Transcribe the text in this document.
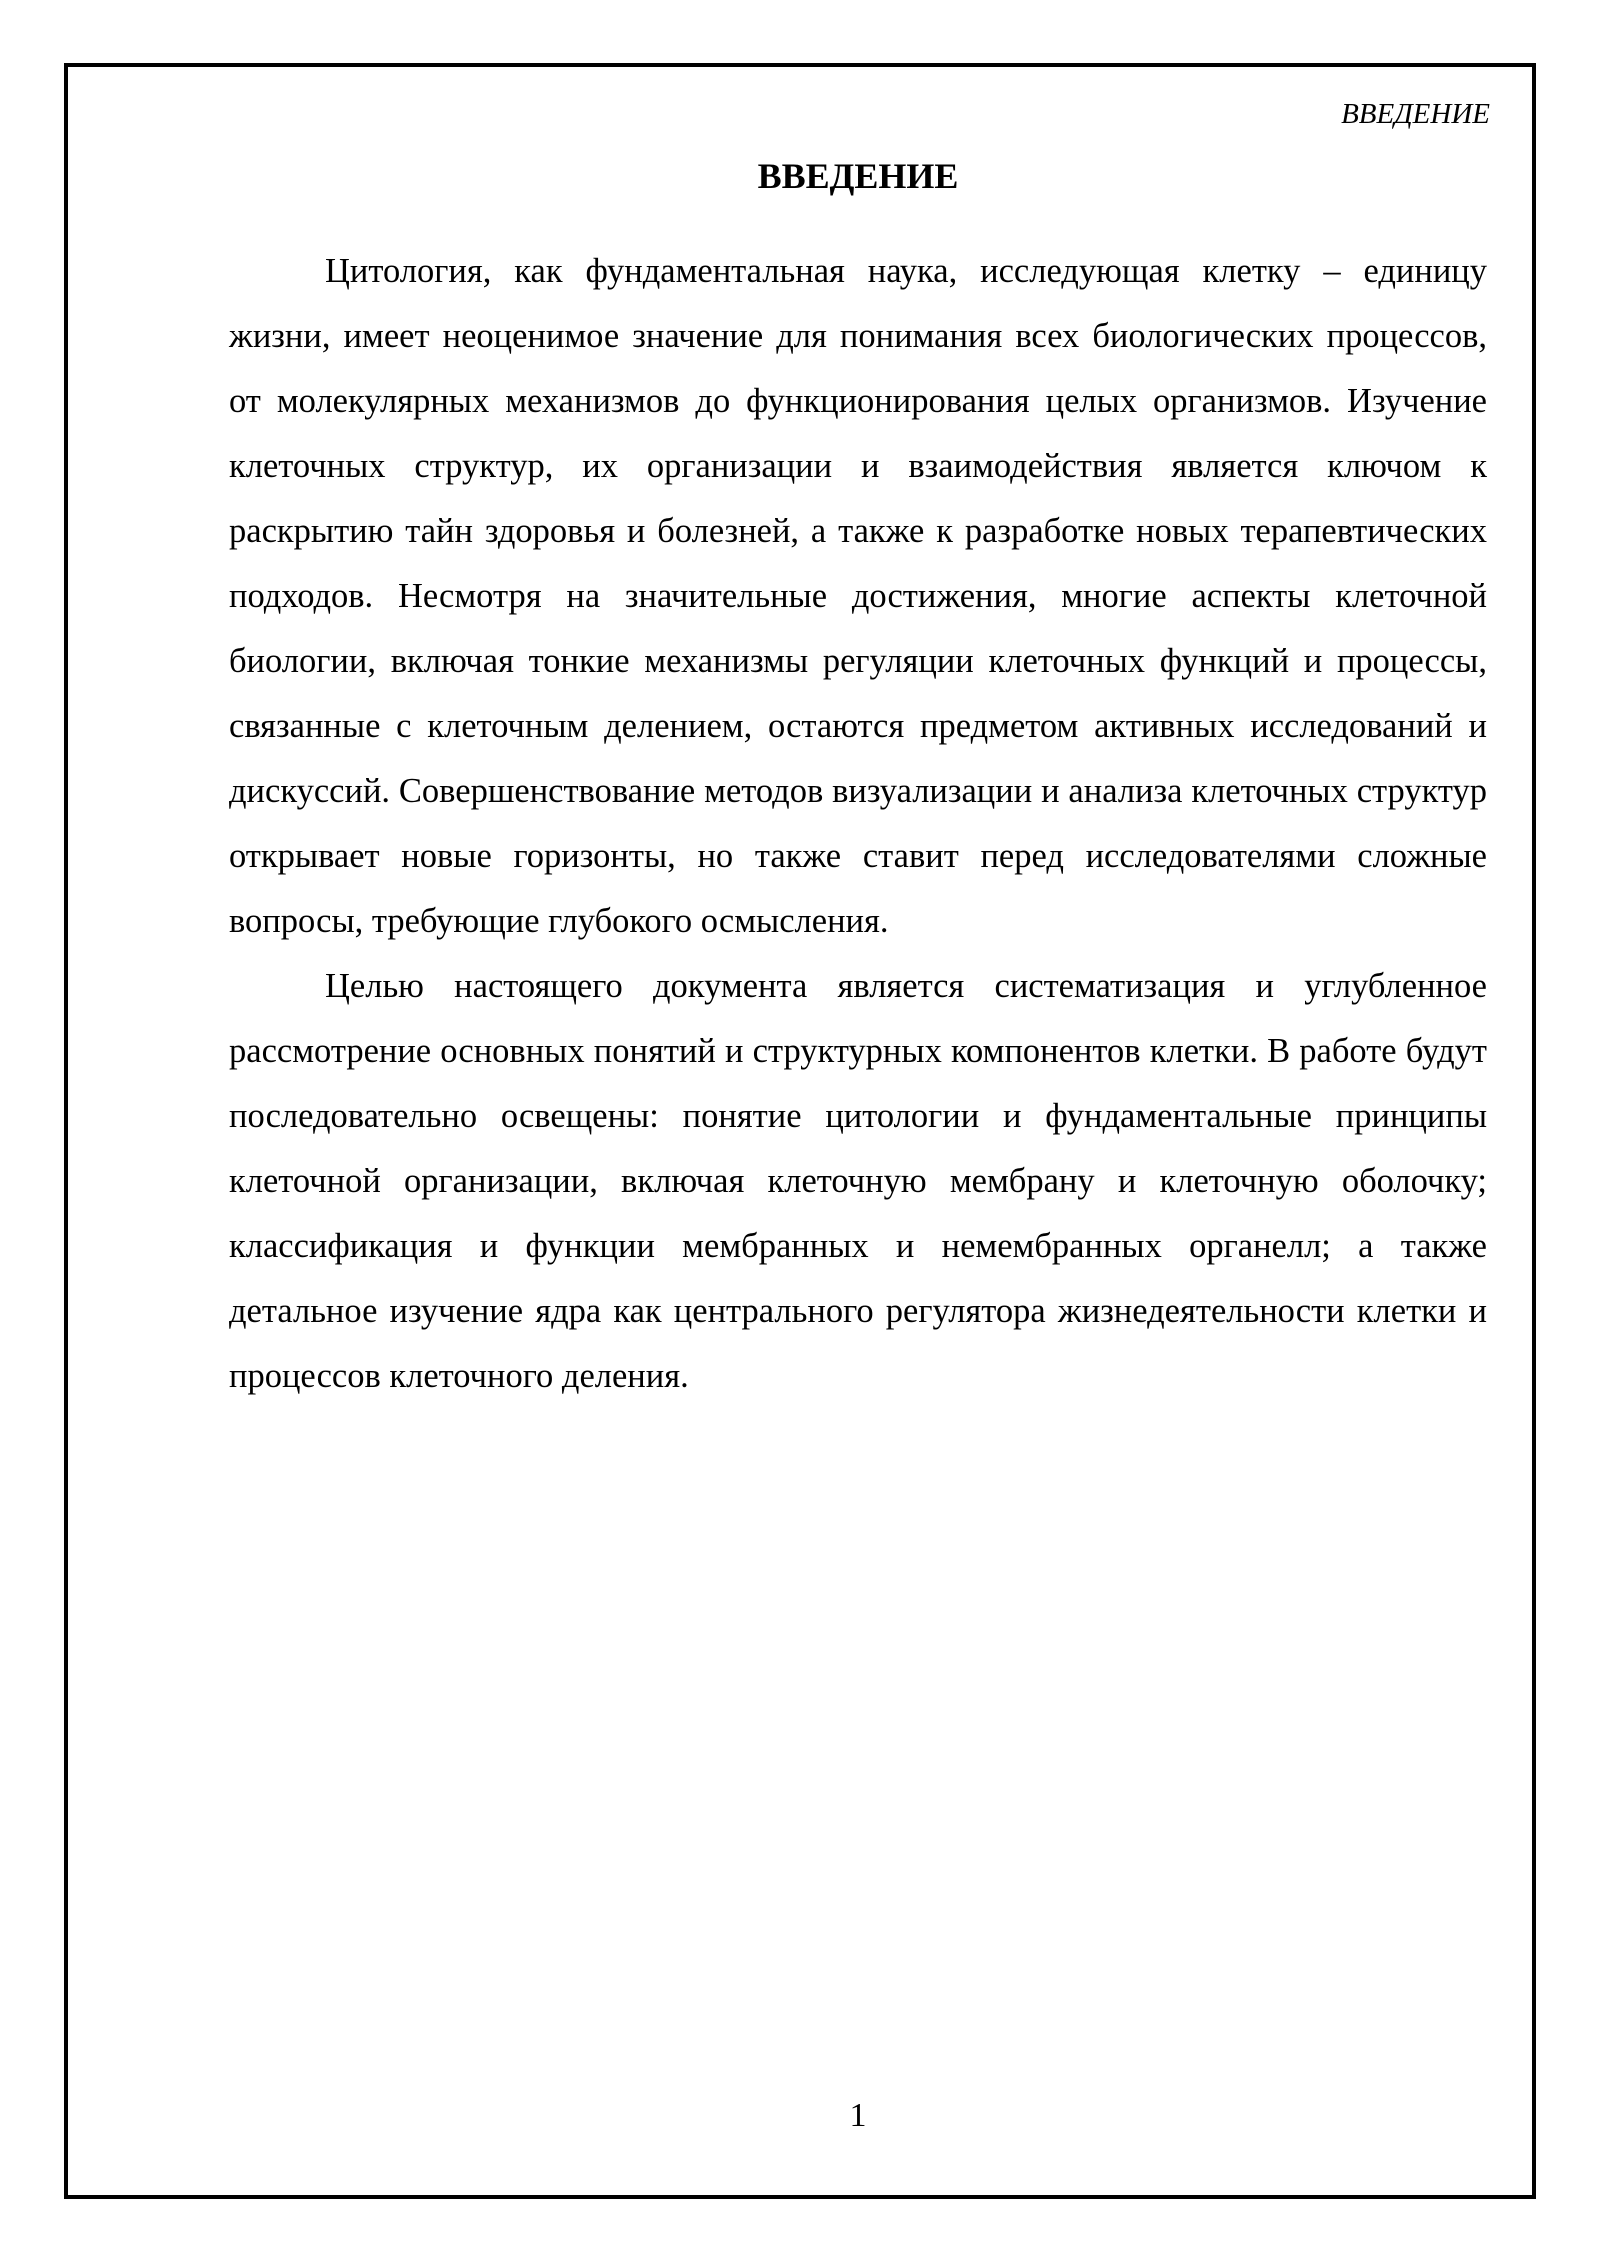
ВВЕДЕНИЕ
ВВЕДЕНИЕ

Цитология, как фундаментальная наука, исследующая клетку – единицу жизни, имеет неоценимое значение для понимания всех биологических процессов, от молекулярных механизмов до функционирования целых организмов. Изучение клеточных структур, их организации и взаимодействия является ключом к раскрытию тайн здоровья и болезней, а также к разработке новых терапевтических подходов. Несмотря на значительные достижения, многие аспекты клеточной биологии, включая тонкие механизмы регуляции клеточных функций и процессы, связанные с клеточным делением, остаются предметом активных исследований и дискуссий. Совершенствование методов визуализации и анализа клеточных структур открывает новые горизонты, но также ставит перед исследователями сложные вопросы, требующие глубокого осмысления.

Целью настоящего документа является систематизация и углубленное рассмотрение основных понятий и структурных компонентов клетки. В работе будут последовательно освещены: понятие цитологии и фундаментальные принципы клеточной организации, включая клеточную мембрану и клеточную оболочку; классификация и функции мембранных и немембранных органелл; а также детальное изучение ядра как центрального регулятора жизнедеятельности клетки и процессов клеточного деления.

1
